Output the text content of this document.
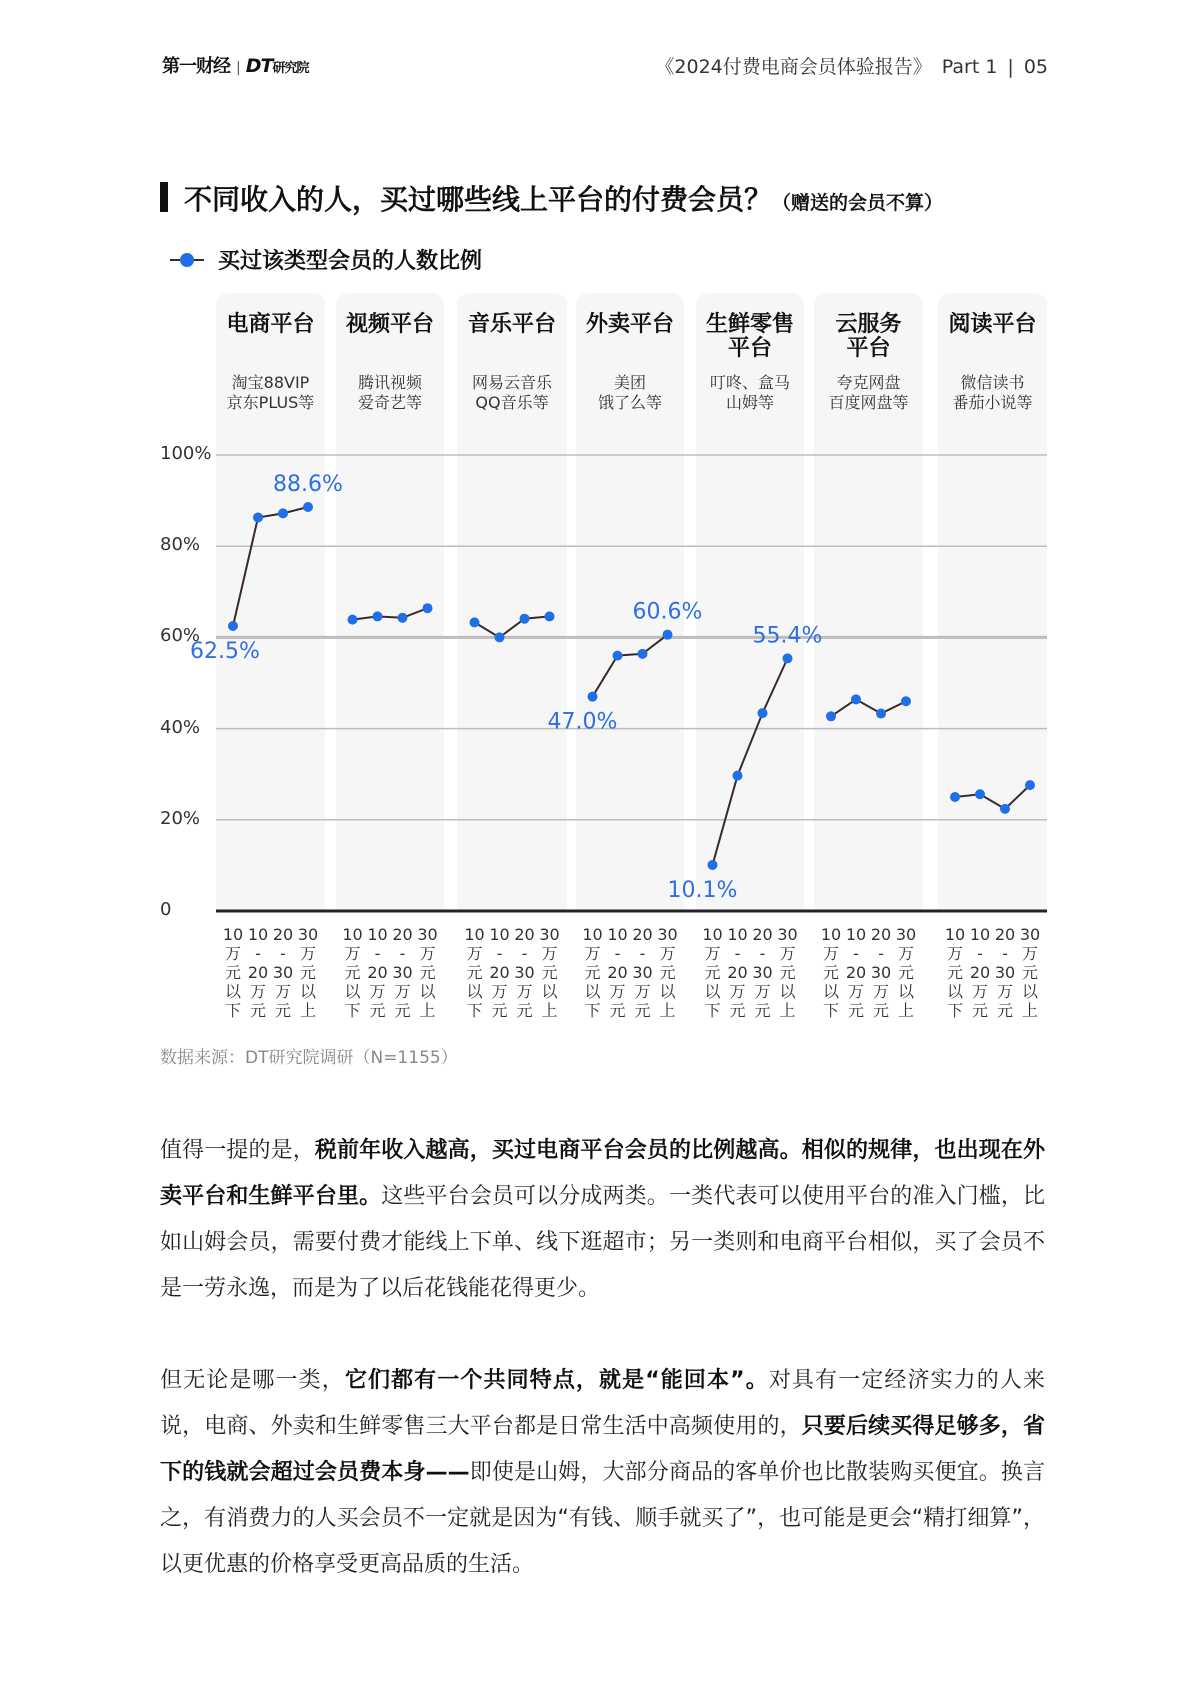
第一财经 | DT研究院	《2024付费电商会员体验报告》 Part 1 | 05
不同收入的人，买过哪些线上平台的付费会员？（赠送的会员不算）
买过该类型会员的人数比例
电商平台
淘宝88VIP
京东PLUS等
视频平台
腾讯视频
爱奇艺等
音乐平台
网易云音乐
QQ音乐等
外卖平台
美团
饿了么等
生鲜零售
平台
叮咚、盒马
山姆等
云服务
平台
夸克网盘
百度网盘等
阅读平台
微信读书
番茄小说等
100%
80%
60%
40%
20%
0
62.5%
88.6%
47.0%
60.6%
10.1%
55.4%
10
万
元
以
下
10
-
20
万
元
20
-
30
万
元
30
万
元
以
上
10
万
元
以
下
10
-
20
万
元
20
-
30
万
元
30
万
元
以
上
10
万
元
以
下
10
-
20
万
元
20
-
30
万
元
30
万
元
以
上
10
万
元
以
下
10
-
20
万
元
20
-
30
万
元
30
万
元
以
上
10
万
元
以
下
10
-
20
万
元
20
-
30
万
元
30
万
元
以
上
10
万
元
以
下
10
-
20
万
元
20
-
30
万
元
30
万
元
以
上
10
万
元
以
下
10
-
20
万
元
20
-
30
万
元
30
万
元
以
上
数据来源：DT研究院调研（N=1155）
值得一提的是，税前年收入越高，买过电商平台会员的比例越高。相似的规律，也出现在外卖平台和生鲜平台里。这些平台会员可以分成两类。一类代表可以使用平台的准入门槛，比如山姆会员，需要付费才能线上下单、线下逛超市；另一类则和电商平台相似，买了会员不是一劳永逸，而是为了以后花钱能花得更少。
但无论是哪一类，它们都有一个共同特点，就是“能回本”。对具有一定经济实力的人来说，电商、外卖和生鲜零售三大平台都是日常生活中高频使用的，只要后续买得足够多，省下的钱就会超过会员费本身——即使是山姆，大部分商品的客单价也比散装购买便宜。换言之，有消费力的人买会员不一定就是因为“有钱、顺手就买了”，也可能是更会“精打细算”，以更优惠的价格享受更高品质的生活。
